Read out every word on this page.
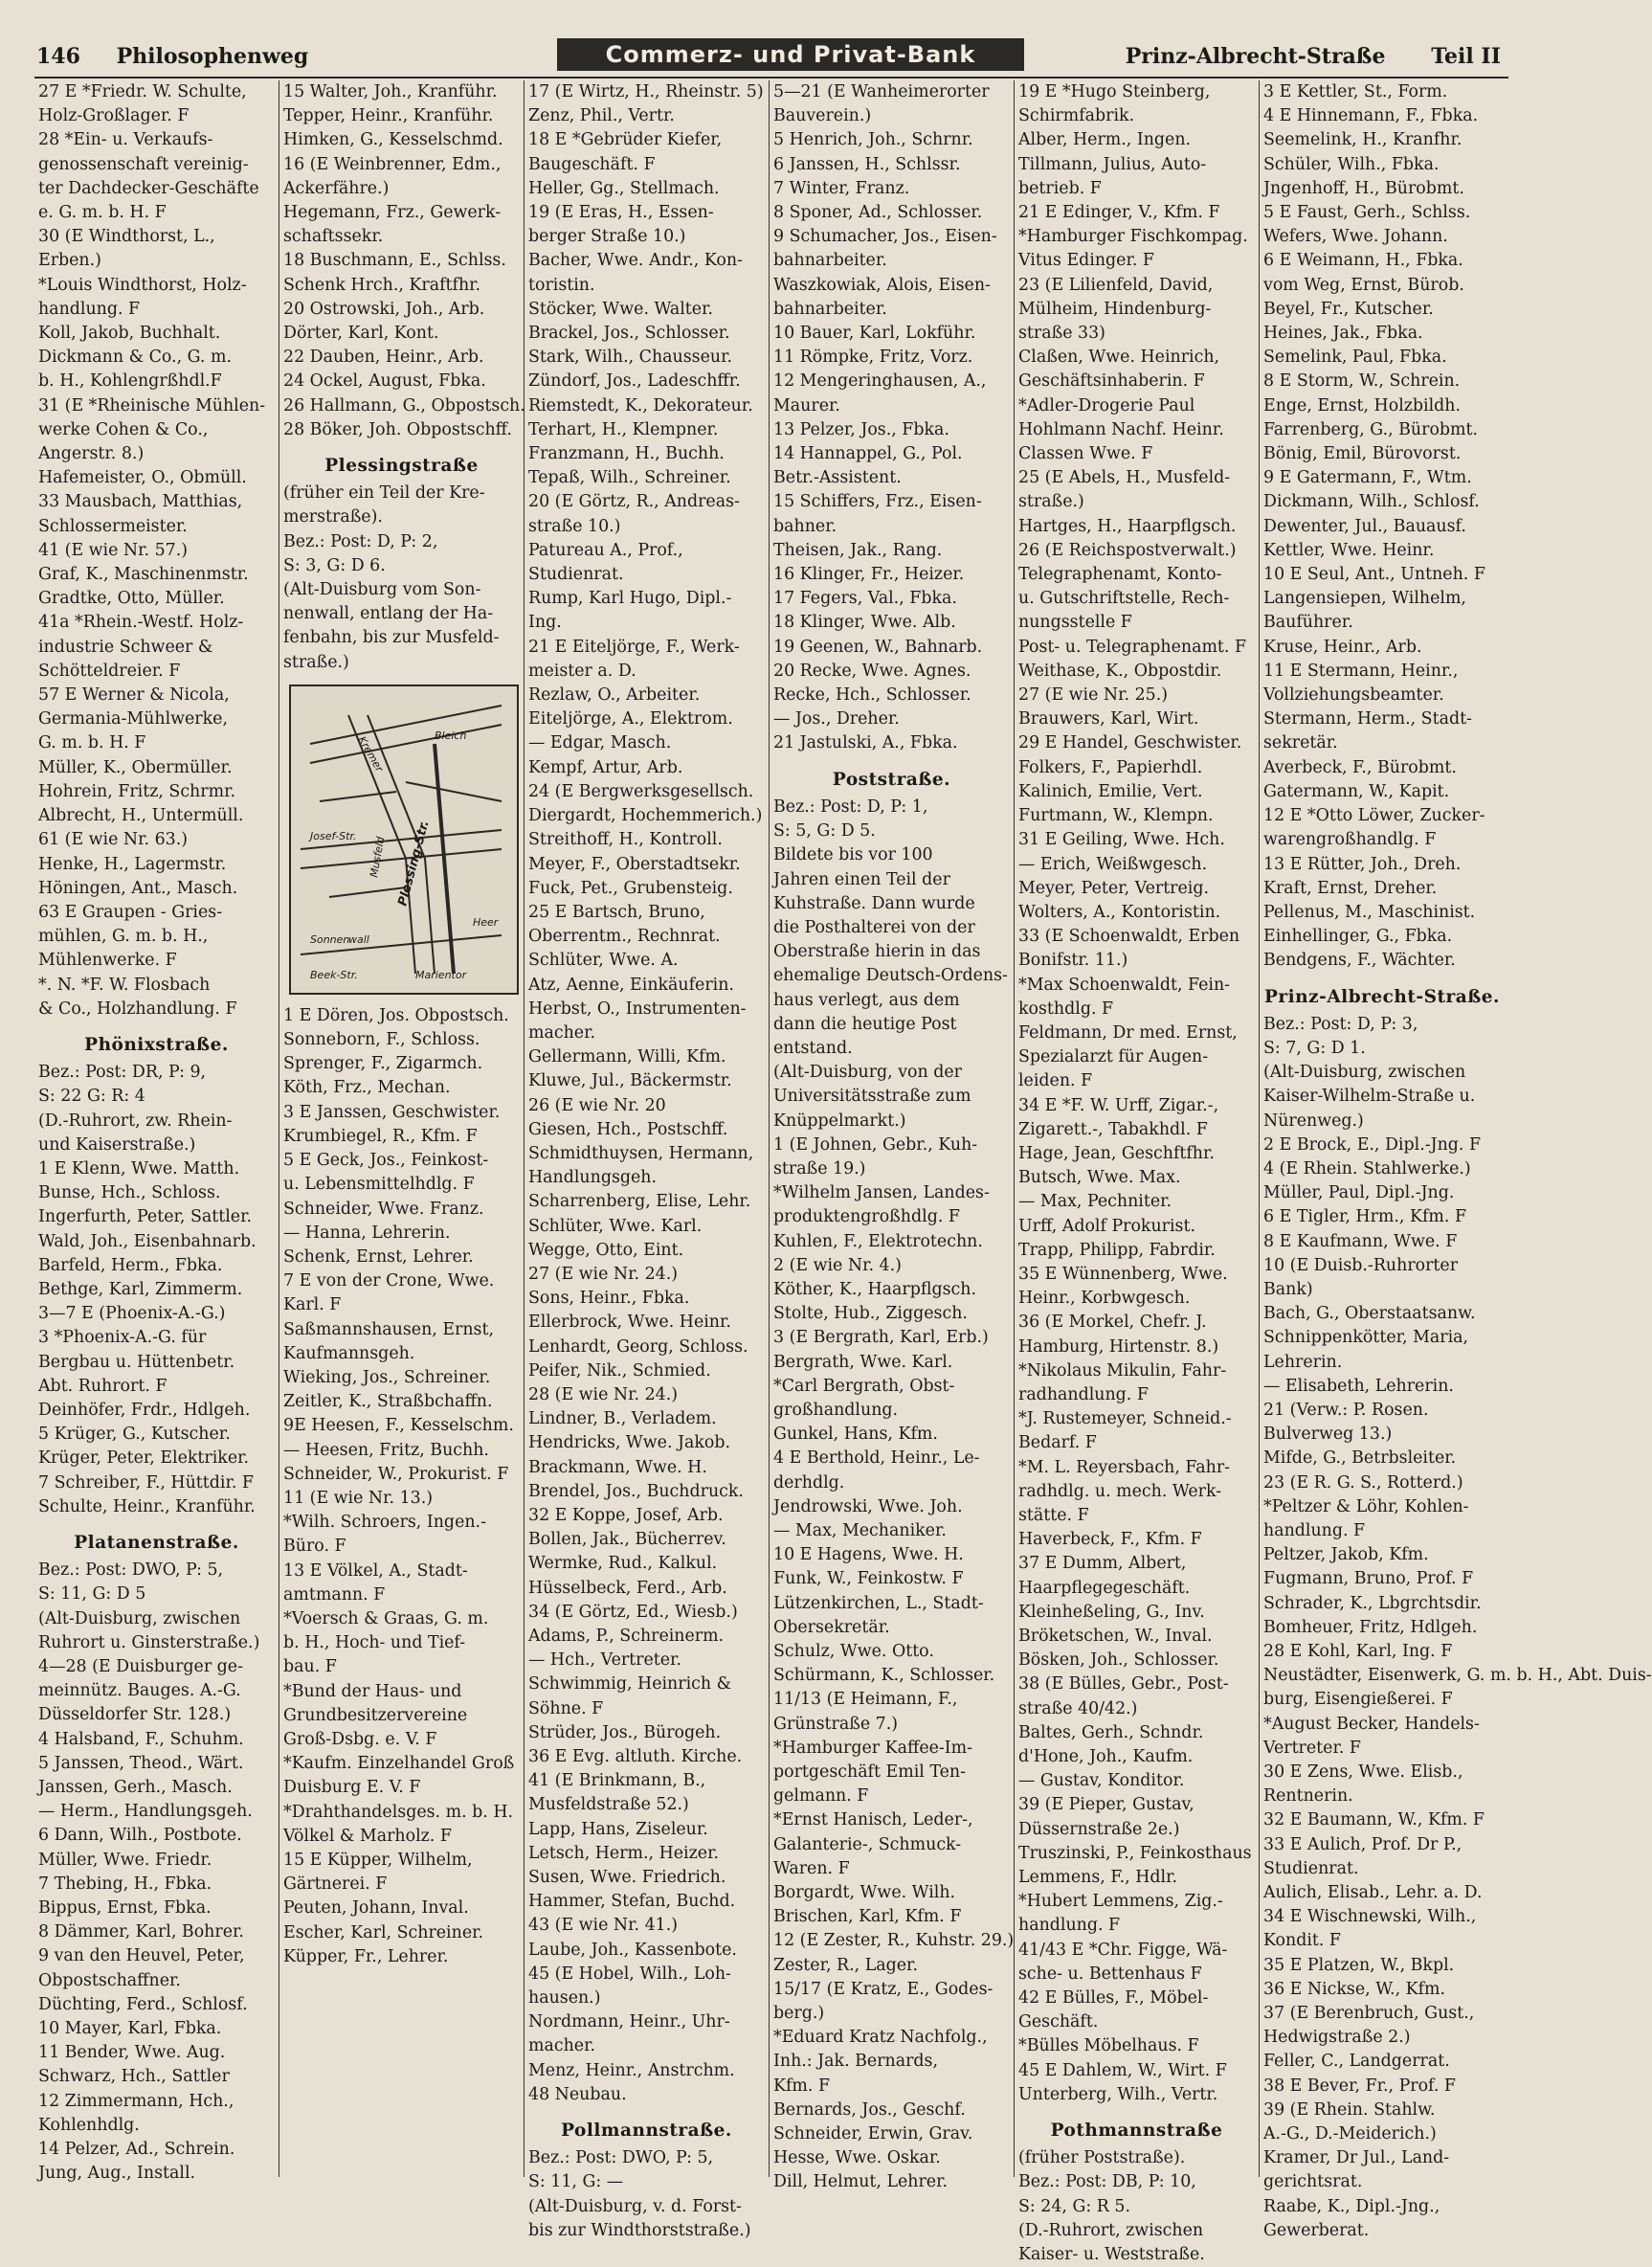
146 Philosophenweg	Commerz- und Privat-Bank	Prinz-Albrecht-Straße Teil II
27 E *Friedr. W. Schulte,
Holz-Großlager. F
28 *Ein- u. Verkaufs-
genossenschaft vereinig-
ter Dachdecker-Geschäfte
e. G. m. b. H. F
30 (E Windthorst, L.,
Erben.)
*Louis Windthorst, Holz-
handlung. F
Koll, Jakob, Buchhalt.
Dickmann & Co., G. m.
b. H., Kohlengrßhdl.F
31 (E *Rheinische Mühlen-
werke Cohen & Co.,
Angerstr. 8.)
Hafemeister, O., Obmüll.
33 Mausbach, Matthias,
Schlossermeister.
41 (E wie Nr. 57.)
Graf, K., Maschinenmstr.
Gradtke, Otto, Müller.
41a *Rhein.-Westf. Holz-
industrie Schweer &
Schötteldreier. F
57 E Werner & Nicola,
Germania-Mühlwerke,
G. m. b. H. F
Müller, K., Obermüller.
Hohrein, Fritz, Schrmr.
Albrecht, H., Untermüll.
61 (E wie Nr. 63.)
Henke, H., Lagermstr.
Höningen, Ant., Masch.
63 E Graupen - Gries-
mühlen, G. m. b. H.,
Mühlenwerke. F
*. N. *F. W. Flosbach
& Co., Holzhandlung. F
Phönixstraße.
Bez.: Post: DR, P: 9,
S: 22 G: R: 4
(D.-Ruhrort, zw. Rhein-
und Kaiserstraße.)
1 E Klenn, Wwe. Matth.
Bunse, Hch., Schloss.
Ingerfurth, Peter, Sattler.
Wald, Joh., Eisenbahnarb.
Barfeld, Herm., Fbka.
Bethge, Karl, Zimmerm.
3—7 E (Phoenix-A.-G.)
3 *Phoenix-A.-G. für
Bergbau u. Hüttenbetr.
Abt. Ruhrort. F
Deinhöfer, Frdr., Hdlgeh.
5 Krüger, G., Kutscher.
Krüger, Peter, Elektriker.
7 Schreiber, F., Hüttdir. F
Schulte, Heinr., Kranführ.
Platanenstraße.
Bez.: Post: DWO, P: 5,
S: 11, G: D 5
(Alt-Duisburg, zwischen
Ruhrort u. Ginsterstraße.)
4—28 (E Duisburger ge-
meinnütz. Bauges. A.-G.
Düsseldorfer Str. 128.)
4 Halsband, F., Schuhm.
5 Janssen, Theod., Wärt.
Janssen, Gerh., Masch.
— Herm., Handlungsgeh.
6 Dann, Wilh., Postbote.
Müller, Wwe. Friedr.
7 Thebing, H., Fbka.
Bippus, Ernst, Fbka.
8 Dämmer, Karl, Bohrer.
9 van den Heuvel, Peter,
Obpostschaffner.
Düchting, Ferd., Schlosf.
10 Mayer, Karl, Fbka.
11 Bender, Wwe. Aug.
Schwarz, Hch., Sattler
12 Zimmermann, Hch.,
Kohlenhdlg.
14 Pelzer, Ad., Schrein.
Jung, Aug., Install.
15 Walter, Joh., Kranführ.
Tepper, Heinr., Kranführ.
Himken, G., Kesselschmd.
16 (E Weinbrenner, Edm.,
Ackerfähre.)
Hegemann, Frz., Gewerk-
schaftssekr.
18 Buschmann, E., Schlss.
Schenk Hrch., Kraftfhr.
20 Ostrowski, Joh., Arb.
Dörter, Karl, Kont.
22 Dauben, Heinr., Arb.
24 Ockel, August, Fbka.
26 Hallmann, G., Obpostsch.
28 Böker, Joh. Obpostschff.
Plessingstraße
(früher ein Teil der Kre-
merstraße).
Bez.: Post: D, P: 2,
S: 3, G: D 6.
(Alt-Duisburg vom Son-
nenwall, entlang der Ha-
fenbahn, bis zur Musfeld-
straße.)
Bleich
Kremer
Plessing-Str.
Sonnen
wall
Musfeld
Beek-Str.	Marientor
Josef-Str.
Heer
1 E Dören, Jos. Obpostsch.
Sonneborn, F., Schloss.
Sprenger, F., Zigarmch.
Köth, Frz., Mechan.
3 E Janssen, Geschwister.
Krumbiegel, R., Kfm. F
5 E Geck, Jos., Feinkost-
u. Lebensmittelhdlg. F
Schneider, Wwe. Franz.
— Hanna, Lehrerin.
Schenk, Ernst, Lehrer.
7 E von der Crone, Wwe.
Karl. F
Saßmannshausen, Ernst,
Kaufmannsgeh.
Wieking, Jos., Schreiner.
Zeitler, K., Straßbchaffn.
9E Heesen, F., Kesselschm.
— Heesen, Fritz, Buchh.
Schneider, W., Prokurist. F
11 (E wie Nr. 13.)
*Wilh. Schroers, Ingen.-
Büro. F
13 E Völkel, A., Stadt-
amtmann. F
*Voersch & Graas, G. m.
b. H., Hoch- und Tief-
bau. F
*Bund der Haus- und
Grundbesitzervereine
Groß-Dsbg. e. V. F
*Kaufm. Einzelhandel Groß
Duisburg E. V. F
*Drahthandelsges. m. b. H.
Völkel & Marholz. F
15 E Küpper, Wilhelm,
Gärtnerei. F
Peuten, Johann, Inval.
Escher, Karl, Schreiner.
Küpper, Fr., Lehrer.
17 (E Wirtz, H., Rheinstr. 5)
Zenz, Phil., Vertr.
18 E *Gebrüder Kiefer,
Baugeschäft. F
Heller, Gg., Stellmach.
19 (E Eras, H., Essen-
berger Straße 10.)
Bacher, Wwe. Andr., Kon-
toristin.
Stöcker, Wwe. Walter.
Brackel, Jos., Schlosser.
Stark, Wilh., Chausseur.
Zündorf, Jos., Ladeschffr.
Riemstedt, K., Dekorateur.
Terhart, H., Klempner.
Franzmann, H., Buchh.
Tepaß, Wilh., Schreiner.
20 (E Görtz, R., Andreas-
straße 10.)
Patureau A., Prof.,
Studienrat.
Rump, Karl Hugo, Dipl.-
Ing.
21 E Eiteljörge, F., Werk-
meister a. D.
Rezlaw, O., Arbeiter.
Eiteljörge, A., Elektrom.
— Edgar, Masch.
Kempf, Artur, Arb.
24 (E Bergwerksgesellsch.
Diergardt, Hochemmerich.)
Streithoff, H., Kontroll.
Meyer, F., Oberstadtsekr.
Fuck, Pet., Grubensteig.
25 E Bartsch, Bruno,
Oberrentm., Rechnrat.
Schlüter, Wwe. A.
Atz, Aenne, Einkäuferin.
Herbst, O., Instrumenten-
macher.
Gellermann, Willi, Kfm.
Kluwe, Jul., Bäckermstr.
26 (E wie Nr. 20
Giesen, Hch., Postschff.
Schmidthuysen, Hermann,
Handlungsgeh.
Scharrenberg, Elise, Lehr.
Schlüter, Wwe. Karl.
Wegge, Otto, Eint.
27 (E wie Nr. 24.)
Sons, Heinr., Fbka.
Ellerbrock, Wwe. Heinr.
Lenhardt, Georg, Schloss.
Peifer, Nik., Schmied.
28 (E wie Nr. 24.)
Lindner, B., Verladem.
Hendricks, Wwe. Jakob.
Brackmann, Wwe. H.
Brendel, Jos., Buchdruck.
32 E Koppe, Josef, Arb.
Bollen, Jak., Bücherrev.
Wermke, Rud., Kalkul.
Hüsselbeck, Ferd., Arb.
34 (E Görtz, Ed., Wiesb.)
Adams, P., Schreinerm.
— Hch., Vertreter.
Schwimmig, Heinrich &
Söhne. F
Strüder, Jos., Bürogeh.
36 E Evg. altluth. Kirche.
41 (E Brinkmann, B.,
Musfeldstraße 52.)
Lapp, Hans, Ziseleur.
Letsch, Herm., Heizer.
Susen, Wwe. Friedrich.
Hammer, Stefan, Buchd.
43 (E wie Nr. 41.)
Laube, Joh., Kassenbote.
45 (E Hobel, Wilh., Loh-
hausen.)
Nordmann, Heinr., Uhr-
macher.
Menz, Heinr., Anstrchm.
48 Neubau.
Pollmannstraße.
Bez.: Post: DWO, P: 5,
S: 11, G: —
(Alt-Duisburg, v. d. Forst-
bis zur Windthorststraße.)
5—21 (E Wanheimerorter
Bauverein.)
5 Henrich, Joh., Schrnr.
6 Janssen, H., Schlssr.
7 Winter, Franz.
8 Sponer, Ad., Schlosser.
9 Schumacher, Jos., Eisen-
bahnarbeiter.
Waszkowiak, Alois, Eisen-
bahnarbeiter.
10 Bauer, Karl, Lokführ.
11 Römpke, Fritz, Vorz.
12 Mengeringhausen, A.,
Maurer.
13 Pelzer, Jos., Fbka.
14 Hannappel, G., Pol.
Betr.-Assistent.
15 Schiffers, Frz., Eisen-
bahner.
Theisen, Jak., Rang.
16 Klinger, Fr., Heizer.
17 Fegers, Val., Fbka.
18 Klinger, Wwe. Alb.
19 Geenen, W., Bahnarb.
20 Recke, Wwe. Agnes.
Recke, Hch., Schlosser.
— Jos., Dreher.
21 Jastulski, A., Fbka.
Poststraße.
Bez.: Post: D, P: 1,
S: 5, G: D 5.
Bildete bis vor 100
Jahren einen Teil der
Kuhstraße. Dann wurde
die Posthalterei von der
Oberstraße hierin in das
ehemalige Deutsch-Ordens-
haus verlegt, aus dem
dann die heutige Post
entstand.
(Alt-Duisburg, von der
Universitätsstraße zum
Knüppelmarkt.)
1 (E Johnen, Gebr., Kuh-
straße 19.)
*Wilhelm Jansen, Landes-
produktengroßhdlg. F
Kuhlen, F., Elektrotechn.
2 (E wie Nr. 4.)
Köther, K., Haarpflgsch.
Stolte, Hub., Ziggesch.
3 (E Bergrath, Karl, Erb.)
Bergrath, Wwe. Karl.
*Carl Bergrath, Obst-
großhandlung.
Gunkel, Hans, Kfm.
4 E Berthold, Heinr., Le-
derhdlg.
Jendrowski, Wwe. Joh.
— Max, Mechaniker.
10 E Hagens, Wwe. H.
Funk, W., Feinkostw. F
Lützenkirchen, L., Stadt-
Obersekretär.
Schulz, Wwe. Otto.
Schürmann, K., Schlosser.
11/13 (E Heimann, F.,
Grünstraße 7.)
*Hamburger Kaffee-Im-
portgeschäft Emil Ten-
gelmann. F
*Ernst Hanisch, Leder-,
Galanterie-, Schmuck-
Waren. F
Borgardt, Wwe. Wilh.
Brischen, Karl, Kfm. F
12 (E Zester, R., Kuhstr. 29.)
Zester, R., Lager.
15/17 (E Kratz, E., Godes-
berg.)
*Eduard Kratz Nachfolg.,
Inh.: Jak. Bernards,
Kfm. F
Bernards, Jos., Geschf.
Schneider, Erwin, Grav.
Hesse, Wwe. Oskar.
Dill, Helmut, Lehrer.
19 E *Hugo Steinberg,
Schirmfabrik.
Alber, Herm., Ingen.
Tillmann, Julius, Auto-
betrieb. F
21 E Edinger, V., Kfm. F
*Hamburger Fischkompag.
Vitus Edinger. F
23 (E Lilienfeld, David,
Mülheim, Hindenburg-
straße 33)
Claßen, Wwe. Heinrich,
Geschäftsinhaberin. F
*Adler-Drogerie Paul
Hohlmann Nachf. Heinr.
Classen Wwe. F
25 (E Abels, H., Musfeld-
straße.)
Hartges, H., Haarpflgsch.
26 (E Reichspostverwalt.)
Telegraphenamt, Konto-
u. Gutschriftstelle, Rech-
nungsstelle F
Post- u. Telegraphenamt. F
Weithase, K., Obpostdir.
27 (E wie Nr. 25.)
Brauwers, Karl, Wirt.
29 E Handel, Geschwister.
Folkers, F., Papierhdl.
Kalinich, Emilie, Vert.
Furtmann, W., Klempn.
31 E Geiling, Wwe. Hch.
— Erich, Weißwgesch.
Meyer, Peter, Vertreig.
Wolters, A., Kontoristin.
33 (E Schoenwaldt, Erben
Bonifstr. 11.)
*Max Schoenwaldt, Fein-
kosthdlg. F
Feldmann, Dr med. Ernst,
Spezialarzt für Augen-
leiden. F
34 E *F. W. Urff, Zigar.-,
Zigarett.-, Tabakhdl. F
Hage, Jean, Geschftfhr.
Butsch, Wwe. Max.
— Max, Pechniter.
Urff, Adolf Prokurist.
Trapp, Philipp, Fabrdir.
35 E Wünnenberg, Wwe.
Heinr., Korbwgesch.
36 (E Morkel, Chefr. J.
Hamburg, Hirtenstr. 8.)
*Nikolaus Mikulin, Fahr-
radhandlung. F
*J. Rustemeyer, Schneid.-
Bedarf. F
*M. L. Reyersbach, Fahr-
radhdlg. u. mech. Werk-
stätte. F
Haverbeck, F., Kfm. F
37 E Dumm, Albert,
Haarpflegegeschäft.
Kleinheßeling, G., Inv.
Bröketschen, W., Inval.
Bösken, Joh., Schlosser.
38 (E Bülles, Gebr., Post-
straße 40/42.)
Baltes, Gerh., Schndr.
d'Hone, Joh., Kaufm.
— Gustav, Konditor.
39 (E Pieper, Gustav,
Düssernstraße 2e.)
Truszinski, P., Feinkosthaus
Lemmens, F., Hdlr.
*Hubert Lemmens, Zig.-
handlung. F
41/43 E *Chr. Figge, Wä-
sche- u. Bettenhaus F
42 E Bülles, F., Möbel-
Geschäft.
*Bülles Möbelhaus. F
45 E Dahlem, W., Wirt. F
Unterberg, Wilh., Vertr.
Pothmannstraße
(früher Poststraße).
Bez.: Post: DB, P: 10,
S: 24, G: R 5.
(D.-Ruhrort, zwischen
Kaiser- u. Weststraße.
3 E Kettler, St., Form.
4 E Hinnemann, F., Fbka.
Seemelink, H., Kranfhr.
Schüler, Wilh., Fbka.
Jngenhoff, H., Bürobmt.
5 E Faust, Gerh., Schlss.
Wefers, Wwe. Johann.
6 E Weimann, H., Fbka.
vom Weg, Ernst, Bürob.
Beyel, Fr., Kutscher.
Heines, Jak., Fbka.
Semelink, Paul, Fbka.
8 E Storm, W., Schrein.
Enge, Ernst, Holzbildh.
Farrenberg, G., Bürobmt.
Bönig, Emil, Bürovorst.
9 E Gatermann, F., Wtm.
Dickmann, Wilh., Schlosf.
Dewenter, Jul., Bauausf.
Kettler, Wwe. Heinr.
10 E Seul, Ant., Untneh. F
Langensiepen, Wilhelm,
Bauführer.
Kruse, Heinr., Arb.
11 E Stermann, Heinr.,
Vollziehungsbeamter.
Stermann, Herm., Stadt-
sekretär.
Averbeck, F., Bürobmt.
Gatermann, W., Kapit.
12 E *Otto Löwer, Zucker-
warengroßhandlg. F
13 E Rütter, Joh., Dreh.
Kraft, Ernst, Dreher.
Pellenus, M., Maschinist.
Einhellinger, G., Fbka.
Bendgens, F., Wächter.
Prinz-Albrecht-Straße.
Bez.: Post: D, P: 3,
S: 7, G: D 1.
(Alt-Duisburg, zwischen
Kaiser-Wilhelm-Straße u.
Nürenweg.)
2 E Brock, E., Dipl.-Jng. F
4 (E Rhein. Stahlwerke.)
Müller, Paul, Dipl.-Jng.
6 E Tigler, Hrm., Kfm. F
8 E Kaufmann, Wwe. F
10 (E Duisb.-Ruhrorter
Bank)
Bach, G., Oberstaatsanw.
Schnippenkötter, Maria,
Lehrerin.
— Elisabeth, Lehrerin.
21 (Verw.: P. Rosen.
Bulverweg 13.)
Mifde, G., Betrbsleiter.
23 (E R. G. S., Rotterd.)
*Peltzer & Löhr, Kohlen-
handlung. F
Peltzer, Jakob, Kfm.
Fugmann, Bruno, Prof. F
Schrader, K., Lbgrchtsdir.
Bomheuer, Fritz, Hdlgeh.
28 E Kohl, Karl, Ing. F
Neustädter, Eisenwerk, G. m. b. H., Abt. Duis-
burg, Eisengießerei. F
*August Becker, Handels-
Vertreter. F
30 E Zens, Wwe. Elisb.,
Rentnerin.
32 E Baumann, W., Kfm. F
33 E Aulich, Prof. Dr P.,
Studienrat.
Aulich, Elisab., Lehr. a. D.
34 E Wischnewski, Wilh.,
Kondit. F
35 E Platzen, W., Bkpl.
36 E Nickse, W., Kfm.
37 (E Berenbruch, Gust.,
Hedwigstraße 2.)
Feller, C., Landgerrat.
38 E Bever, Fr., Prof. F
39 (E Rhein. Stahlw.
A.-G., D.-Meiderich.)
Kramer, Dr Jul., Land-
gerichtsrat.
Raabe, K., Dipl.-Jng.,
Gewerberat.
